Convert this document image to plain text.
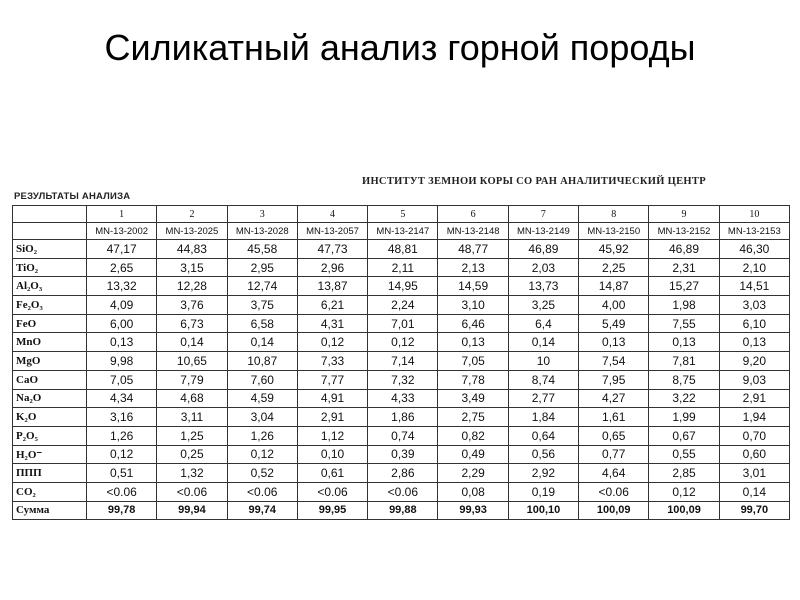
Силикатный анализ горной породы
РЕЗУЛЬТАТЫ АНАЛИЗА
ИНСТИТУТ ЗЕМНОИ КОРЫ СО РАН АНАЛИТИЧЕСКИЙ ЦЕНТР
	1	2	3	4	5	6	7	8	9	10
	MN-13-2002	MN-13-2025	MN-13-2028	MN-13-2057	MN-13-2147	MN-13-2148	MN-13-2149	MN-13-2150	MN-13-2152	MN-13-2153
SiO₂	47,17	44,83	45,58	47,73	48,81	48,77	46,89	45,92	46,89	46,30
TiO₂	2,65	3,15	2,95	2,96	2,11	2,13	2,03	2,25	2,31	2,10
Al₂O₃	13,32	12,28	12,74	13,87	14,95	14,59	13,73	14,87	15,27	14,51
Fe₂O₃	4,09	3,76	3,75	6,21	2,24	3,10	3,25	4,00	1,98	3,03
FeO	6,00	6,73	6,58	4,31	7,01	6,46	6,4	5,49	7,55	6,10
MnO	0,13	0,14	0,14	0,12	0,12	0,13	0,14	0,13	0,13	0,13
MgO	9,98	10,65	10,87	7,33	7,14	7,05	10	7,54	7,81	9,20
CaO	7,05	7,79	7,60	7,77	7,32	7,78	8,74	7,95	8,75	9,03
Na₂O	4,34	4,68	4,59	4,91	4,33	3,49	2,77	4,27	3,22	2,91
K₂O	3,16	3,11	3,04	2,91	1,86	2,75	1,84	1,61	1,99	1,94
P₂O₅	1,26	1,25	1,26	1,12	0,74	0,82	0,64	0,65	0,67	0,70
H₂O⁻	0,12	0,25	0,12	0,10	0,39	0,49	0,56	0,77	0,55	0,60
ППП	0,51	1,32	0,52	0,61	2,86	2,29	2,92	4,64	2,85	3,01
CO₂	<0.06	<0.06	<0.06	<0.06	<0.06	0,08	0,19	<0.06	0,12	0,14
Сумма	99,78	99,94	99,74	99,95	99,88	99,93	100,10	100,09	100,09	99,70
